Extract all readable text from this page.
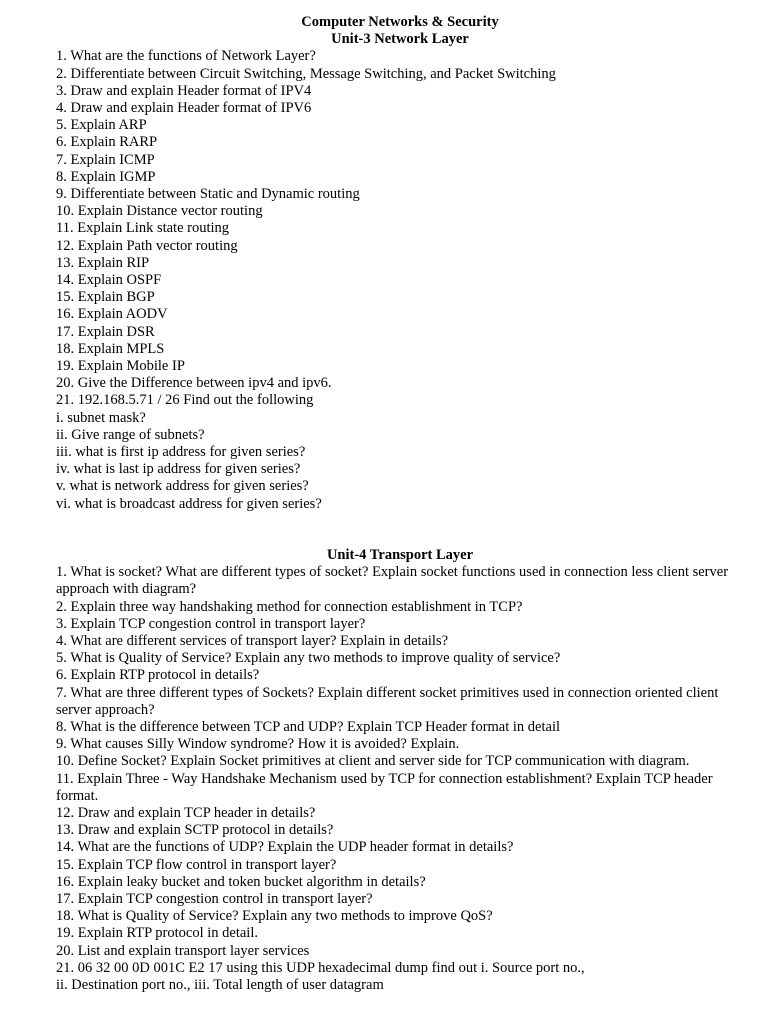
Computer Networks & Security
Unit-3 Network Layer
1. What are the functions of Network Layer?
2. Differentiate between Circuit Switching, Message Switching, and Packet Switching
3. Draw and explain Header format of IPV4
4. Draw and explain Header format of IPV6
5. Explain ARP
6. Explain RARP
7. Explain ICMP
8. Explain IGMP
9. Differentiate between Static and Dynamic routing
10. Explain Distance vector routing
11. Explain Link state routing
12. Explain Path vector routing
13. Explain RIP
14. Explain OSPF
15. Explain BGP
16. Explain AODV
17. Explain DSR
18. Explain MPLS
19. Explain Mobile IP
20. Give the Difference between ipv4 and ipv6.
21. 192.168.5.71 / 26 Find out the following
i. subnet mask?
ii. Give range of subnets?
iii. what is first ip address for given series?
iv. what is last ip address for given series?
v. what is network address for given series?
vi. what is broadcast address for given series?
Unit-4 Transport Layer
1. What is socket? What are different types of socket? Explain socket functions used in connection less client server approach with diagram?
2. Explain three way handshaking method for connection establishment in TCP?
3. Explain TCP congestion control in transport layer?
4. What are different services of transport layer? Explain in details?
5. What is Quality of Service? Explain any two methods to improve quality of service?
6. Explain RTP protocol in details?
7. What are three different types of Sockets? Explain different socket primitives used in connection oriented client server approach?
8. What is the difference between TCP and UDP? Explain TCP Header format in detail
9. What causes Silly Window syndrome? How it is avoided? Explain.
10. Define Socket? Explain Socket primitives at client and server side for TCP communication with diagram.
11. Explain Three - Way Handshake Mechanism used by TCP for connection establishment? Explain TCP header format.
12. Draw and explain TCP header in details?
13. Draw and explain SCTP protocol in details?
14. What are the functions of UDP? Explain the UDP header format in details?
15. Explain TCP flow control in transport layer?
16. Explain leaky bucket and token bucket algorithm in details?
17. Explain TCP congestion control in transport layer?
18. What is Quality of Service? Explain any two methods to improve QoS?
19. Explain RTP protocol in detail.
20. List and explain transport layer services
21. 06 32 00 0D 001C E2 17 using this UDP hexadecimal dump find out i. Source port no.,
ii. Destination port no., iii. Total length of user datagram
